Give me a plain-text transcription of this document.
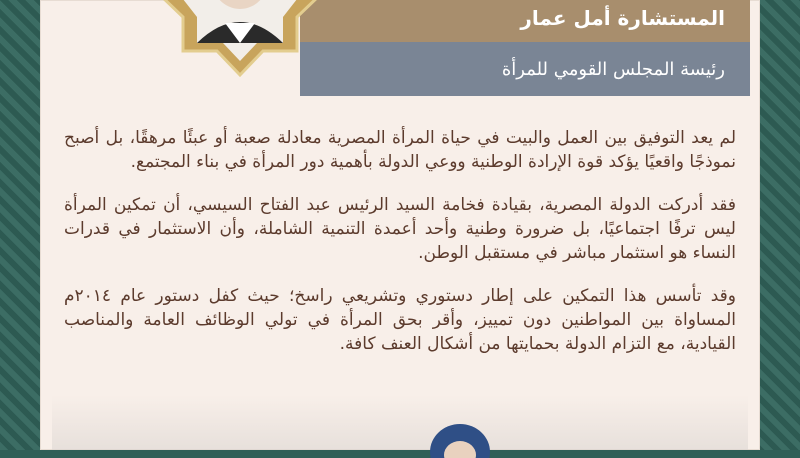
المستشارة أمل عمار
رئيسة المجلس القومي للمرأة

لم يعد التوفيق بين العمل والبيت في حياة المرأة المصرية معادلة صعبة أو عبئًا مرهقًا، بل أصبح نموذجًا واقعيًا يؤكد قوة الإرادة الوطنية ووعي الدولة بأهمية دور المرأة في بناء المجتمع.

فقد أدركت الدولة المصرية، بقيادة فخامة السيد الرئيس عبد الفتاح السيسي، أن تمكين المرأة ليس ترفًا اجتماعيًا، بل ضرورة وطنية وأحد أعمدة التنمية الشاملة، وأن الاستثمار في قدرات النساء هو استثمار مباشر في مستقبل الوطن.

وقد تأسس هذا التمكين على إطار دستوري وتشريعي راسخ؛ حيث كفل دستور عام ٢٠١٤م المساواة بين المواطنين دون تمييز، وأقر بحق المرأة في تولي الوظائف العامة والمناصب القيادية، مع التزام الدولة بحمايتها من أشكال العنف كافة.
